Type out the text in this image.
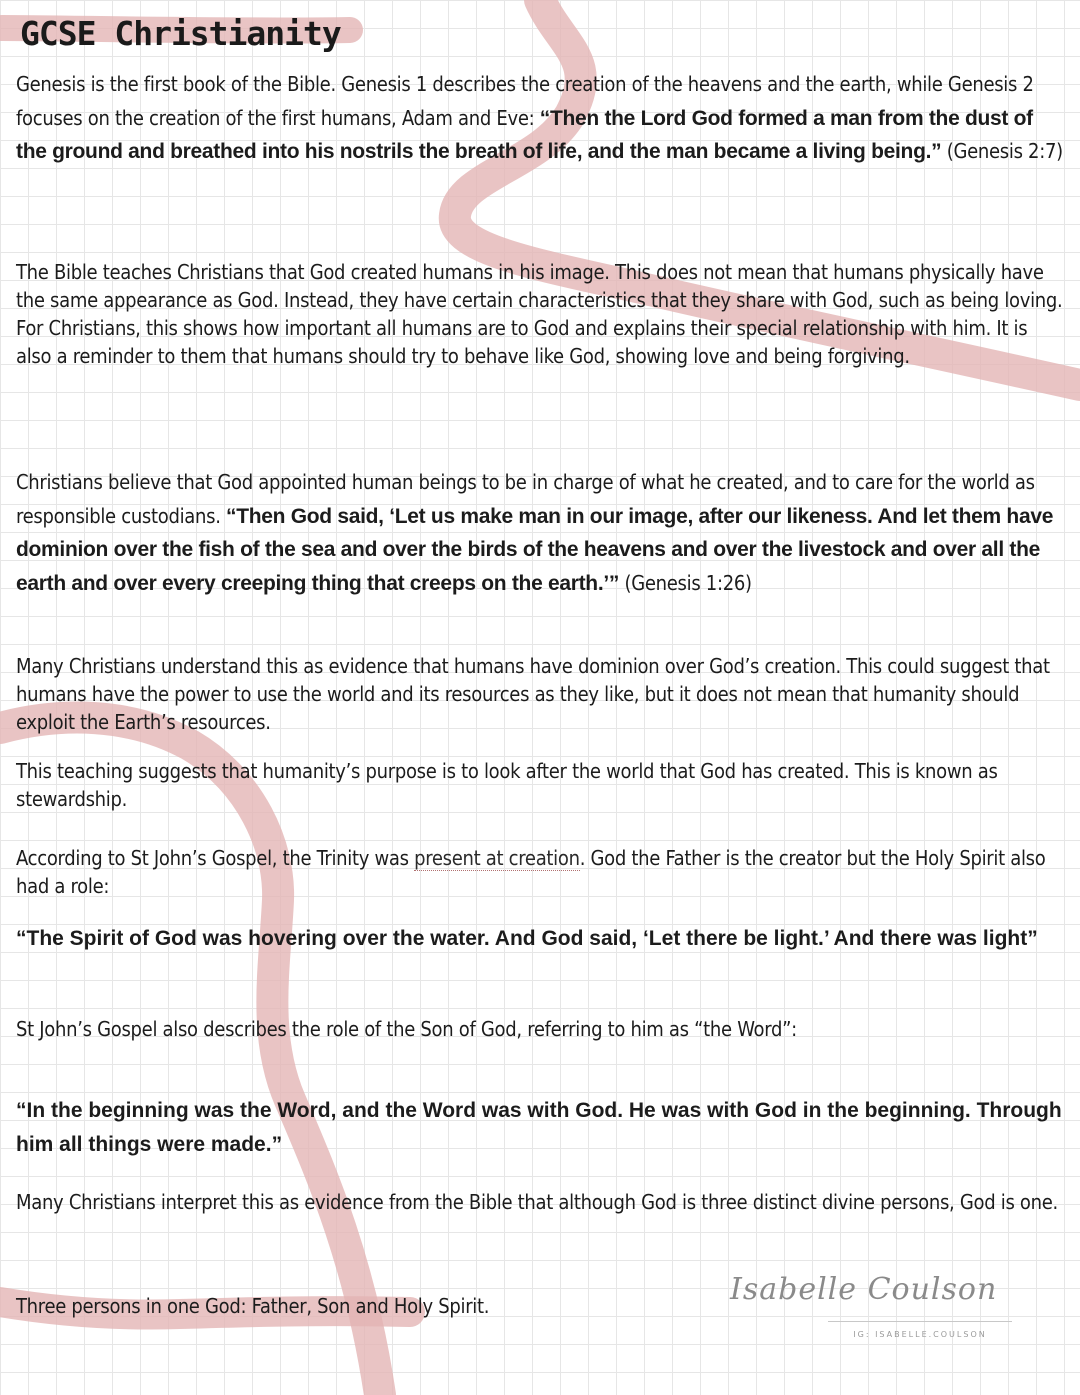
GCSE Christianity

Genesis is the first book of the Bible. Genesis 1 describes the creation of the heavens and the earth, while Genesis 2 focuses on the creation of the first humans, Adam and Eve: “Then the Lord God formed a man from the dust of the ground and breathed into his nostrils the breath of life, and the man became a living being.” (Genesis 2:7)

The Bible teaches Christians that God created humans in his image. This does not mean that humans physically have the same appearance as God. Instead, they have certain characteristics that they share with God, such as being loving. For Christians, this shows how important all humans are to God and explains their special relationship with him. It is also a reminder to them that humans should try to behave like God, showing love and being forgiving.

Christians believe that God appointed human beings to be in charge of what he created, and to care for the world as responsible custodians. “Then God said, ‘Let us make man in our image, after our likeness. And let them have dominion over the fish of the sea and over the birds of the heavens and over the livestock and over all the earth and over every creeping thing that creeps on the earth.’” (Genesis 1:26)

Many Christians understand this as evidence that humans have dominion over God’s creation. This could suggest that humans have the power to use the world and its resources as they like, but it does not mean that humanity should exploit the Earth’s resources.

This teaching suggests that humanity’s purpose is to look after the world that God has created. This is known as stewardship.

According to St John’s Gospel, the Trinity was present at creation. God the Father is the creator but the Holy Spirit also had a role:

“The Spirit of God was hovering over the water. And God said, ‘Let there be light.’ And there was light”

St John’s Gospel also describes the role of the Son of God, referring to him as “the Word”:

“In the beginning was the Word, and the Word was with God. He was with God in the beginning. Through him all things were made.”

Many Christians interpret this as evidence from the Bible that although God is three distinct divine persons, God is one.

Three persons in one God: Father, Son and Holy Spirit.	Isabelle Coulson

IG: ISABELLE.COULSON
